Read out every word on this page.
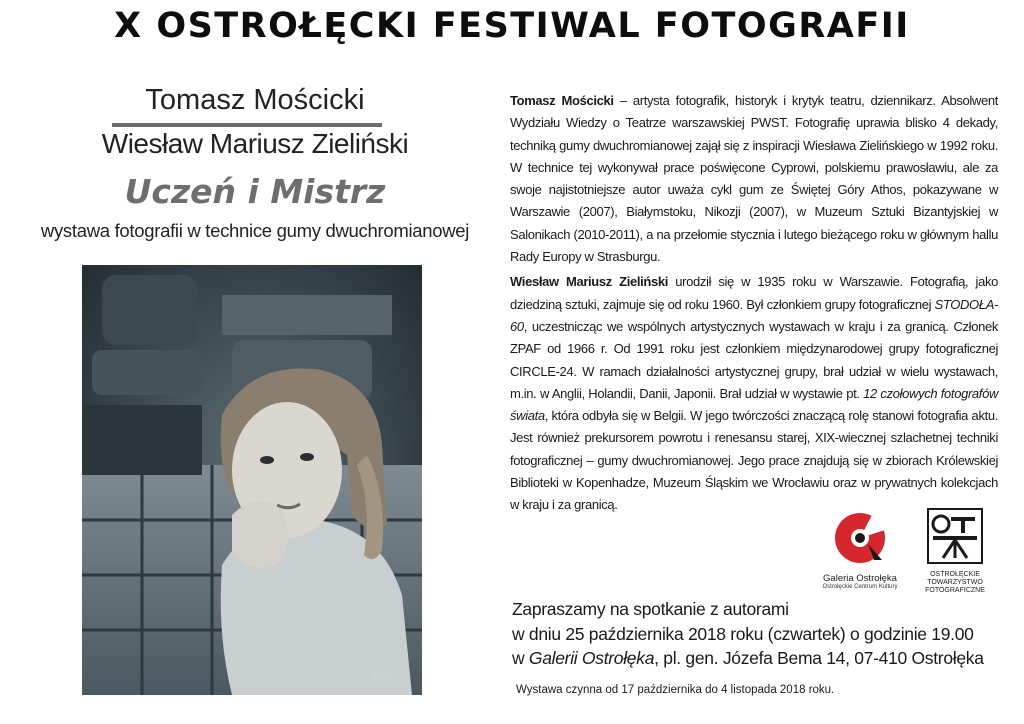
X OSTROŁĘCKI FESTIWAL FOTOGRAFII
Tomasz Mościcki
Wiesław Mariusz Zieliński
Uczeń i Mistrz
wystawa fotografii w technice gumy dwuchromianowej
ZB5

Tomasz Mościcki – artysta fotografik, historyk i krytyk teatru, dziennikarz. Absolwent Wydziału Wiedzy o Teatrze warszawskiej PWST. Fotografię uprawia blisko 4 dekady, techniką gumy dwuchromianowej zajął się z inspiracji Wiesława Zielińskiego w 1992 roku. W technice tej wykonywał prace poświęcone Cyprowi, polskiemu prawosławiu, ale za swoje najistotniejsze autor uważa cykl gum ze Świętej Góry Athos, pokazywane w Warszawie (2007), Białymstoku, Nikozji (2007), w Muzeum Sztuki Bizantyjskiej w Salonikach (2010-2011), a na przełomie stycznia i lutego bieżącego roku w głównym hallu Rady Europy w Strasburgu.

Wiesław Mariusz Zieliński urodził się w 1935 roku w Warszawie. Fotografią, jako dziedziną sztuki, zajmuje się od roku 1960. Był członkiem grupy fotograficznej STODOŁA-60, uczestnicząc we wspólnych artystycznych wystawach w kraju i za granicą. Członek ZPAF od 1966 r. Od 1991 roku jest członkiem międzynarodowej grupy fotograficznej CIRCLE-24. W ramach działalności artystycznej grupy, brał udział w wielu wystawach, m.in. w Anglii, Holandii, Danii, Japonii. Brał udział w wystawie pt. 12 czołowych fotografów świata, która odbyła się w Belgii. W jego twórczości znaczącą rolę stanowi fotografia aktu. Jest również prekursorem powrotu i renesansu starej, XIX-wiecznej szlachetnej techniki fotograficznej – gumy dwuchromianowej. Jego prace znajdują się w zbiorach Królewskiej Biblioteki w Kopenhadze, Muzeum Śląskim we Wrocławiu oraz w prywatnych kolekcjach w kraju i za granicą.

Galeria Ostrołęka
Ostrołęckie Centrum Kultury
OSTROŁĘCKIE
TOWARZYSTWO
FOTOGRAFICZNE
Zapraszamy na spotkanie z autorami
w dniu 25 października 2018 roku (czwartek) o godzinie 19.00
w Galerii Ostrołęka, pl. gen. Józefa Bema 14, 07-410 Ostrołęka
Wystawa czynna od 17 października do 4 listopada 2018 roku.
